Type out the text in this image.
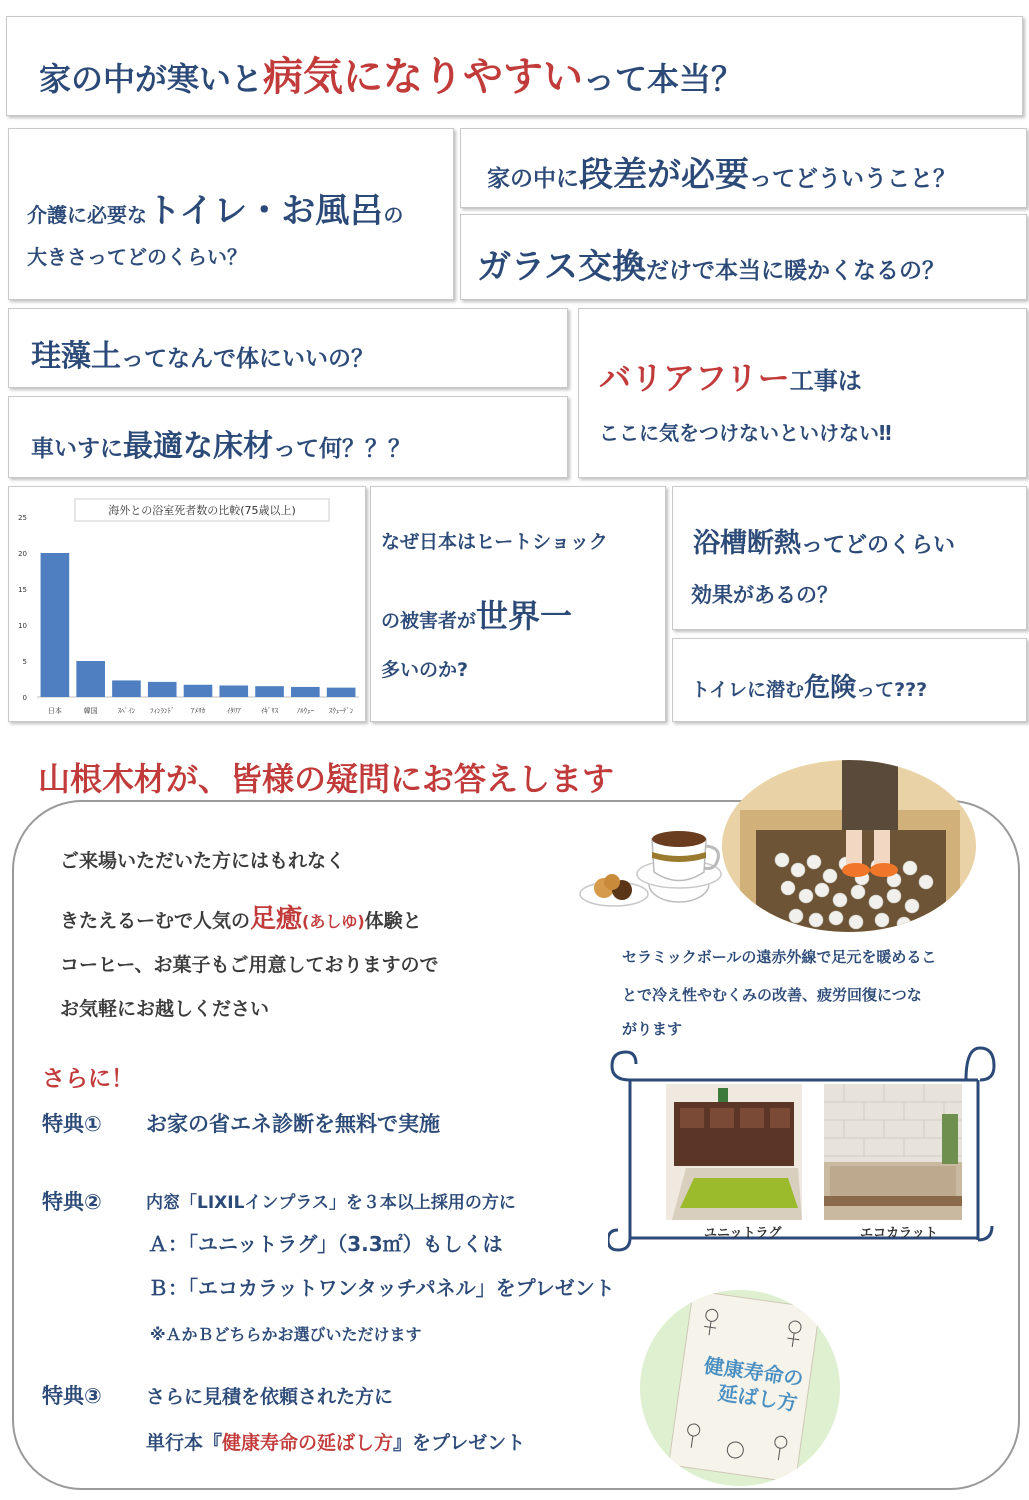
家の中が寒いと病気になりやすいって本当？
介護に必要なトイレ・お風呂の
大きさってどのくらい？
家の中に段差が必要ってどういうこと？
ガラス交換だけで本当に暖かくなるの？
珪藻土ってなんで体にいいの？
車いすに最適な床材って何？？？
バリアフリー工事は
ここに気をつけないといけない‼
海外との浴室死者数の比較(75歳以上)
0
5
10
15
20
25
日本	韓国	ｽﾍﾟｲﾝ ﾌｨﾝﾗﾝﾄﾞ ｱﾒﾘｶ	ｲﾀﾘｱ	ｲｷﾞﾘｽ	ﾉﾙｳｪｰ ｽｳｪｰﾃﾞﾝ
なぜ日本はヒートショック
の被害者が世界一
多いのか?
浴槽断熱ってどのくらい
効果があるの？
トイレに潜む危険って???
山根木材が、皆様の疑問にお答えします
ご来場いただいた方にはもれなく
きたえるーむで人気の足癒(あしゆ)体験と
コーヒー、お菓子もご用意しておりますので
お気軽にお越しください
セラミックボールの遠赤外線で足元を暖めるこ
とで冷え性やむくみの改善、疲労回復につな
がります
さらに！
特典① お家の省エネ診断を無料で実施
特典②	内窓「LIXILインプラス」を３本以上採用の方に
Ａ：「ユニットラグ」（3.3㎡）もしくは
Ｂ：「エコカラットワンタッチパネル」をプレゼント
※ＡかＢどちらかお選びいただけます
特典③ さらに見積を依頼された方に
単行本『健康寿命の延ばし方』をプレゼント
ユニットラグ	エコカラット
健康寿命の
延ばし方
